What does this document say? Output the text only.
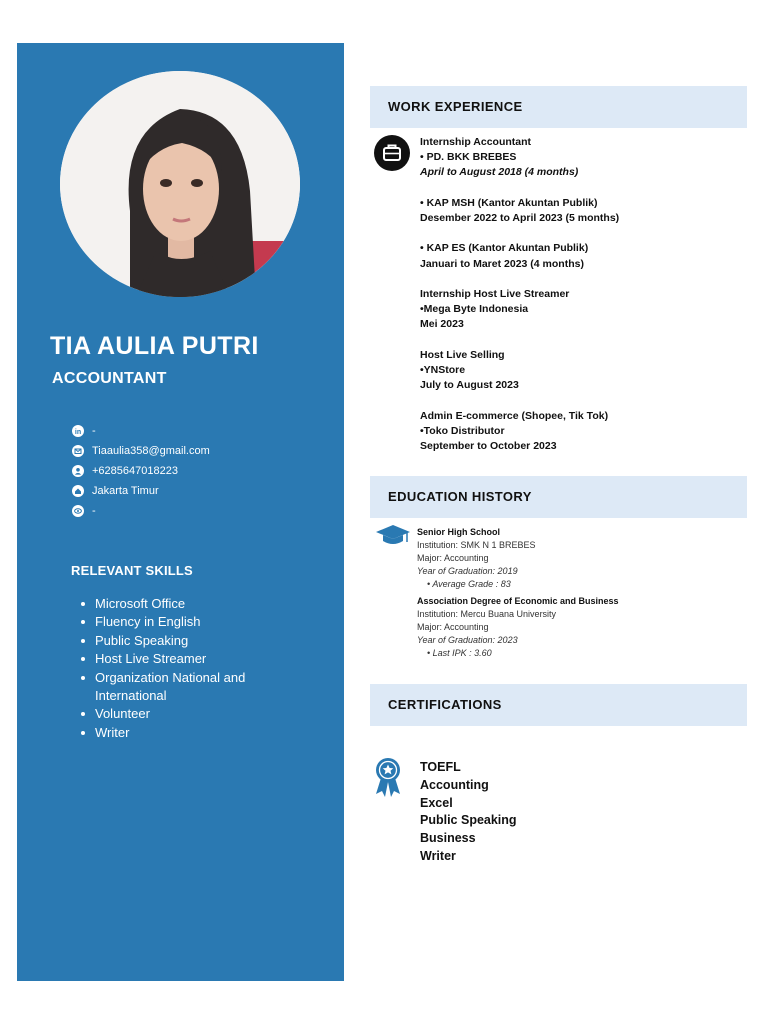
TIA AULIA PUTRI
ACCOUNTANT
in -
Tiaaulia358@gmail.com
+6285647018223
Jakarta Timur
-
RELEVANT SKILLS
Microsoft Office
Fluency in English
Public Speaking
Host Live Streamer
Organization National and International
Volunteer
Writer
WORK EXPERIENCE
Internship Accountant
• PD. BKK BREBES
April to August 2018 (4 months)
• KAP MSH (Kantor Akuntan Publik)
Desember 2022 to April 2023 (5 months)
• KAP ES (Kantor Akuntan Publik)
Januari to Maret 2023 (4 months)
Internship Host Live Streamer
•Mega Byte Indonesia
Mei 2023
Host Live Selling
•YNStore
July to August 2023
Admin E-commerce (Shopee, Tik Tok)
•Toko Distributor
September to October 2023
EDUCATION HISTORY
Senior High School
Institution: SMK N 1 BREBES
Major: Accounting
Year of Graduation: 2019
• Average Grade : 83
Association Degree of Economic and Business
Institution: Mercu Buana University
Major: Accounting
Year of Graduation: 2023
• Last IPK : 3.60
CERTIFICATIONS
TOEFL
Accounting
Excel
Public Speaking
Business
Writer
